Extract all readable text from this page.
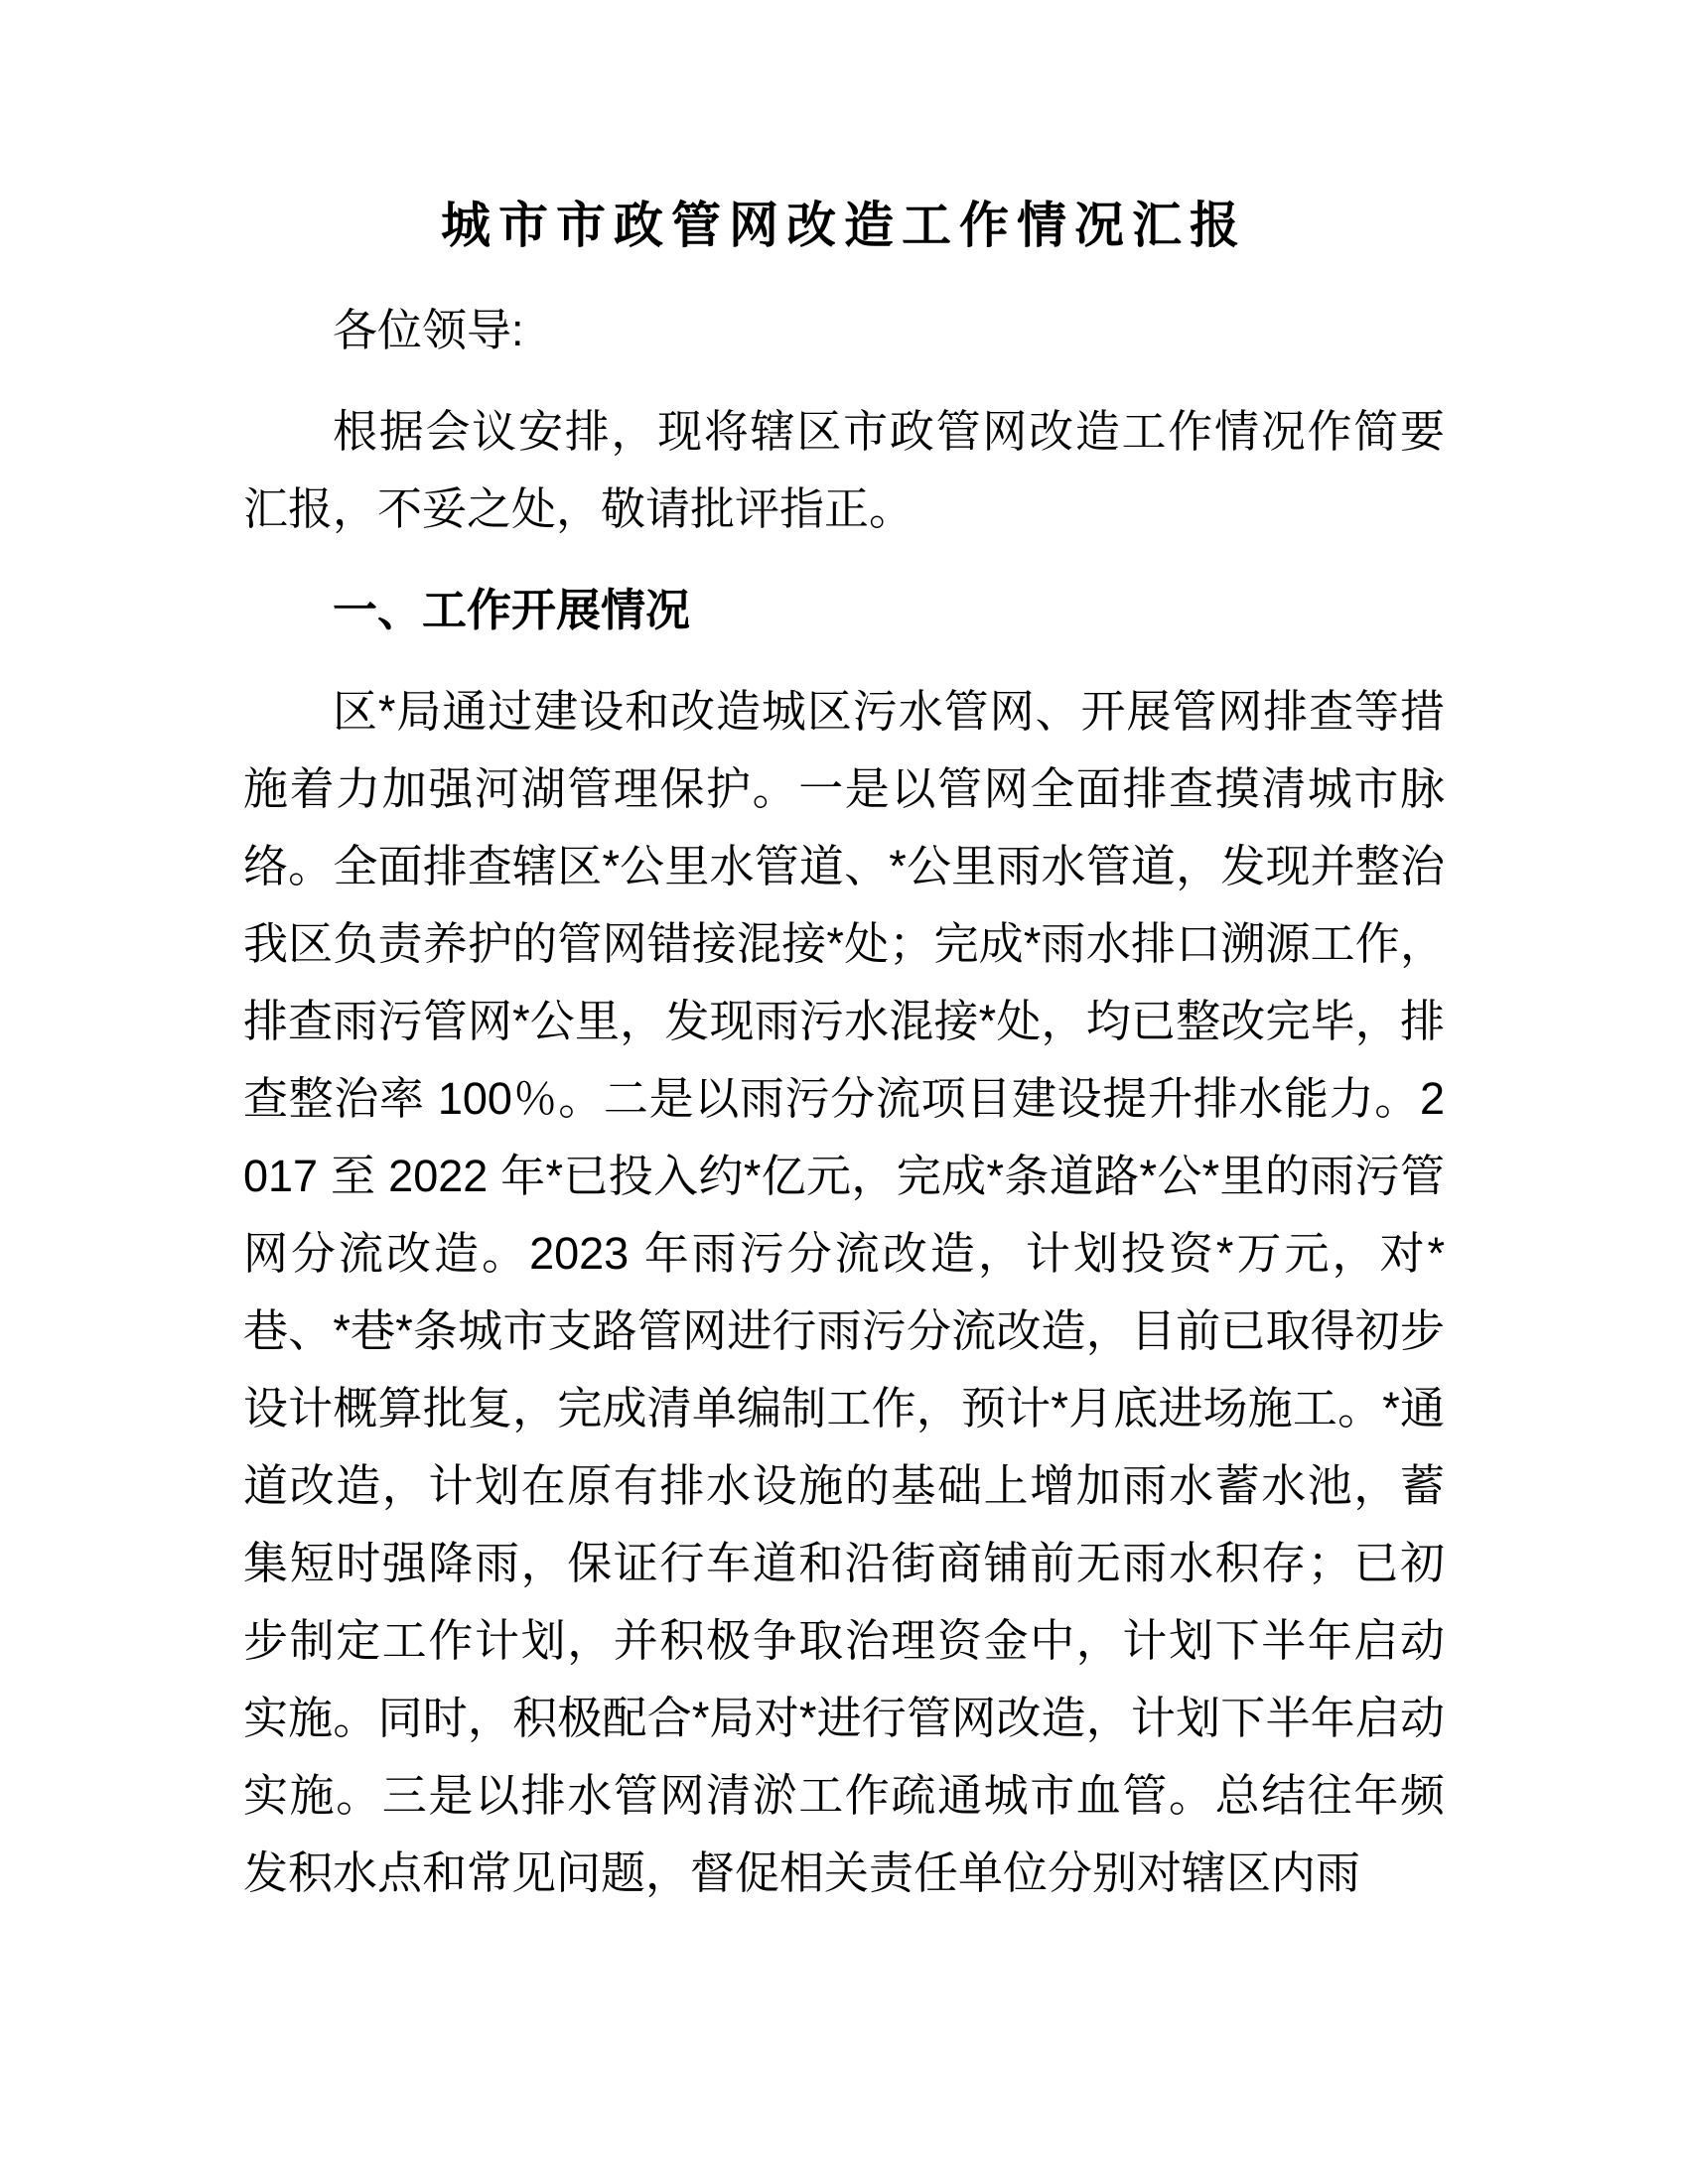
城市市政管网改造工作情况汇报

各位领导:

根据会议安排，现将辖区市政管网改造工作情况作简要汇报，不妥之处，敬请批评指正。

一、工作开展情况

区*局通过建设和改造城区污水管网、开展管网排查等措施着力加强河湖管理保护。一是以管网全面排查摸清城市脉络。全面排查辖区*公里水管道、*公里雨水管道，发现并整治我区负责养护的管网错接混接*处；完成*雨水排口溯源工作，排查雨污管网*公里，发现雨污水混接*处，均已整改完毕，排查整治率 100％。二是以雨污分流项目建设提升排水能力。2017 至 2022 年*已投入约*亿元，完成*条道路*公*里的雨污管网分流改造。2023 年雨污分流改造，计划投资*万元，对*巷、*巷*条城市支路管网进行雨污分流改造，目前已取得初步设计概算批复，完成清单编制工作，预计*月底进场施工。*通道改造，计划在原有排水设施的基础上增加雨水蓄水池，蓄集短时强降雨，保证行车道和沿街商铺前无雨水积存；已初步制定工作计划，并积极争取治理资金中，计划下半年启动实施。同时，积极配合*局对*进行管网改造，计划下半年启动实施。三是以排水管网清淤工作疏通城市血管。总结往年频发积水点和常见问题，督促相关责任单位分别对辖区内雨
